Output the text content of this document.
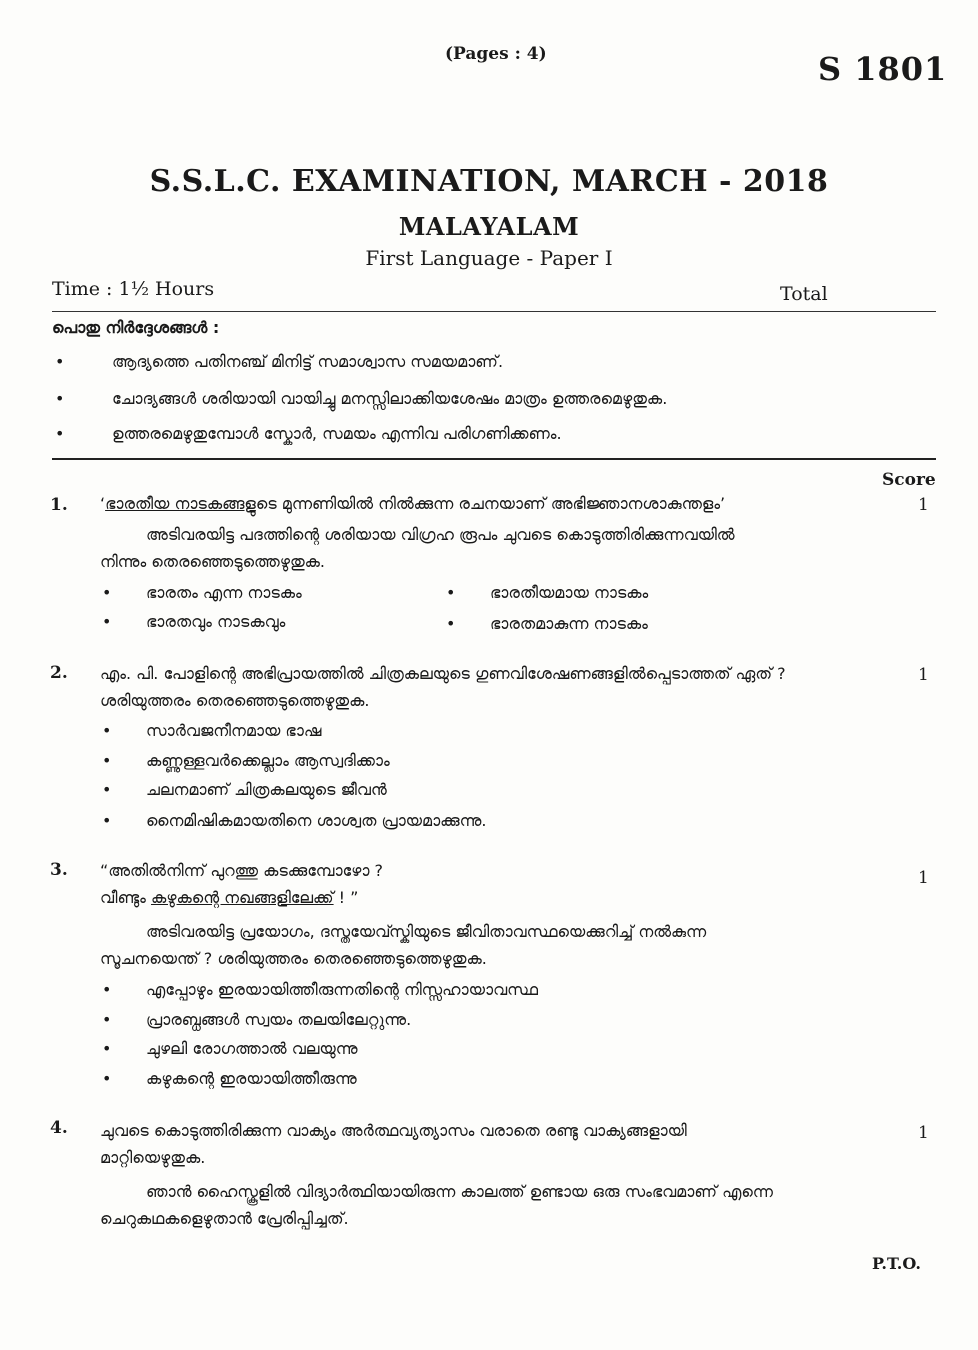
(Pages : 4)	S 1801
S.S.L.C. EXAMINATION, MARCH - 2018
MALAYALAM
First Language - Paper I
Time : 1½ Hours	Total
പൊതു നിർദ്ദേശങ്ങൾ :
•	ആദ്യത്തെ പതിനഞ്ച് മിനിട്ട് സമാശ്വാസ സമയമാണ്.
•	ചോദ്യങ്ങൾ ശരിയായി വായിച്ചു മനസ്സിലാക്കിയശേഷം മാത്രം ഉത്തരമെഴുതുക.
•	ഉത്തരമെഴുതുമ്പോൾ സ്കോർ, സമയം എന്നിവ പരിഗണിക്കണം.
Score
1.	1
‘ഭാരതീയ നാടകങ്ങളുടെ മുന്നണിയിൽ നിൽക്കുന്ന രചനയാണ് അഭിജ്ഞാനശാകുന്തളം’
അടിവരയിട്ട പദത്തിന്റെ ശരിയായ വിഗ്രഹ രൂപം ചുവടെ കൊടുത്തിരിക്കുന്നവയിൽ
നിന്നും തെരഞ്ഞെടുത്തെഴുതുക.
• ഭാരതം എന്ന നാടകം	• ഭാരതീയമായ നാടകം
• ഭാരതവും നാടകവും	• ഭാരതമാകുന്ന നാടകം
2.	1
എം. പി. പോളിന്റെ അഭിപ്രായത്തിൽ ചിത്രകലയുടെ ഗുണവിശേഷണങ്ങളിൽപ്പെടാത്തത് ഏത് ?
ശരിയുത്തരം തെരഞ്ഞെടുത്തെഴുതുക.
• സാർവജനീനമായ ഭാഷ
• കണ്ണുള്ളവർക്കെല്ലാം ആസ്വദിക്കാം
• ചലനമാണ് ചിത്രകലയുടെ ജീവൻ
• നൈമിഷികമായതിനെ ശാശ്വത പ്രായമാക്കുന്നു.
3.	1
“അതിൽനിന്ന് പുറത്തു കടക്കുമ്പോഴോ ?
വീണ്ടും കഴുകന്റെ നഖങ്ങളിലേക്ക് ! ”
അടിവരയിട്ട പ്രയോഗം, ദസ്തയേവ്സ്കിയുടെ ജീവിതാവസ്ഥയെക്കുറിച്ച് നൽകുന്ന
സൂചനയെന്ത് ? ശരിയുത്തരം തെരഞ്ഞെടുത്തെഴുതുക.
• എപ്പോഴും ഇരയായിത്തീരുന്നതിന്റെ നിസ്സഹായാവസ്ഥ
• പ്രാരബ്ധങ്ങൾ സ്വയം തലയിലേറ്റുന്നു.
• ചുഴലി രോഗത്താൽ വലയുന്നു
• കഴുകന്റെ ഇരയായിത്തീരുന്നു
4.	1
ചുവടെ കൊടുത്തിരിക്കുന്ന വാക്യം അർത്ഥവ്യത്യാസം വരാതെ രണ്ടു വാക്യങ്ങളായി
മാറ്റിയെഴുതുക.
ഞാൻ ഹൈസ്കൂളിൽ വിദ്യാർത്ഥിയായിരുന്ന കാലത്ത് ഉണ്ടായ ഒരു സംഭവമാണ് എന്നെ
ചെറുകഥകളെഴുതാൻ പ്രേരിപ്പിച്ചത്.
P.T.O.
